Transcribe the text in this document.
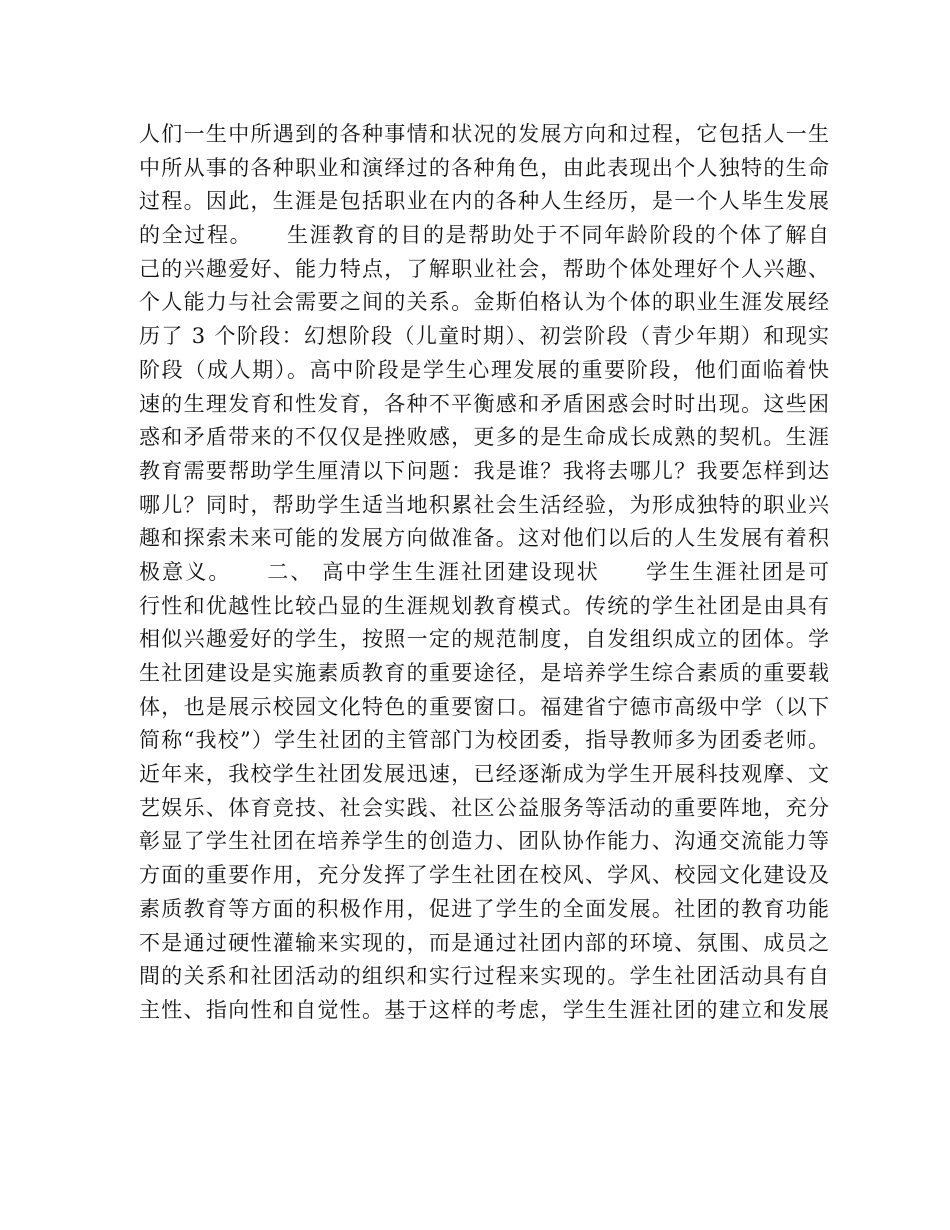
人们一生中所遇到的各种事情和状况的发展方向和过程，它包括人一生
中所从事的各种职业和演绎过的各种角色，由此表现出个人独特的生命
过程。因此，生涯是包括职业在内的各种人生经历，是一个人毕生发展
的全过程。　　生涯教育的目的是帮助处于不同年龄阶段的个体了解自
己的兴趣爱好、能力特点，了解职业社会，帮助个体处理好个人兴趣、
个人能力与社会需要之间的关系。金斯伯格认为个体的职业生涯发展经
历了 3 个阶段：幻想阶段（儿童时期）、初尝阶段（青少年期）和现实
阶段（成人期）。高中阶段是学生心理发展的重要阶段，他们面临着快
速的生理发育和性发育，各种不平衡感和矛盾困惑会时时出现。这些困
惑和矛盾带来的不仅仅是挫败感，更多的是生命成长成熟的契机。生涯
教育需要帮助学生厘清以下问题：我是谁？我将去哪儿？我要怎样到达
哪儿？同时，帮助学生适当地积累社会生活经验，为形成独特的职业兴
趣和探索未来可能的发展方向做准备。这对他们以后的人生发展有着积
极意义。　　二、 高中学生生涯社团建设现状　　学生生涯社团是可
行性和优越性比较凸显的生涯规划教育模式。传统的学生社团是由具有
相似兴趣爱好的学生，按照一定的规范制度，自发组织成立的团体。学
生社团建设是实施素质教育的重要途径，是培养学生综合素质的重要载
体，也是展示校园文化特色的重要窗口。福建省宁德市高级中学（以下
简称“我校”）学生社团的主管部门为校团委，指导教师多为团委老师。
近年来，我校学生社团发展迅速，已经逐渐成为学生开展科技观摩、文
艺娱乐、体育竞技、社会实践、社区公益服务等活动的重要阵地，充分
彰显了学生社团在培养学生的创造力、团队协作能力、沟通交流能力等
方面的重要作用，充分发挥了学生社团在校风、学风、校园文化建设及
素质教育等方面的积极作用，促进了学生的全面发展。社团的教育功能
不是通过硬性灌输来实现的，而是通过社团内部的环境、氛围、成员之
間的关系和社团活动的组织和实行过程来实现的。学生社团活动具有自
主性、指向性和自觉性。基于这样的考虑，学生生涯社团的建立和发展
